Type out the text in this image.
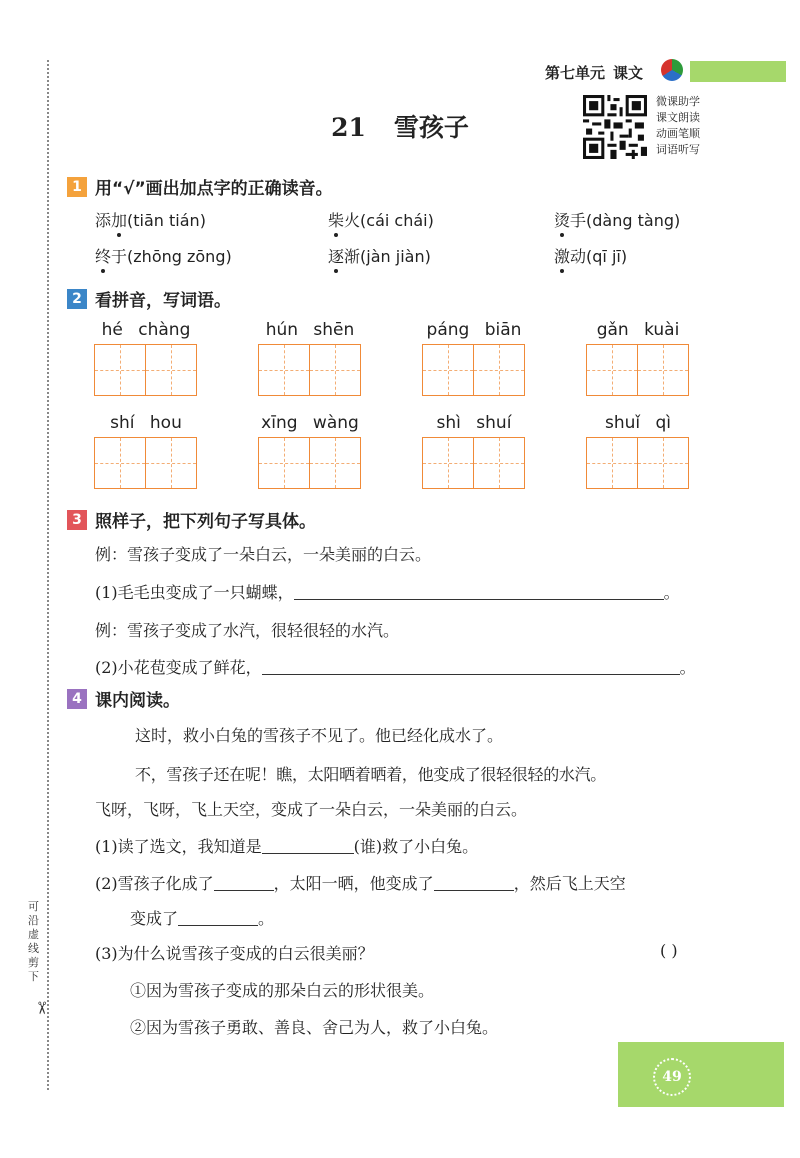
可沿虚线剪下
✂
第七单元 课文
微课助学
课文朗读
动画笔顺
词语听写
21 雪孩子
1 用“√”画出加点字的正确读音。
添加(tiān tián)	柴火(cái chái)	烫手(dàng tàng)
终于(zhōng zōng)	逐渐(jàn jiàn)	激动(qī jī)
2 看拼音，写词语。
hé chàng	hún shēn	páng biān	gǎn kuài
shí hou	xīng wàng	shì shuí	shuǐ qì
3 照样子，把下列句子写具体。
例：雪孩子变成了一朵白云，一朵美丽的白云。
(1)毛毛虫变成了一只蝴蝶，	。
例：雪孩子变成了水汽，很轻很轻的水汽。
(2)小花苞变成了鲜花，	。
4 课内阅读。
这时，救小白兔的雪孩子不见了。他已经化成水了。
不，雪孩子还在呢！瞧，太阳晒着晒着，他变成了很轻很轻的水汽。
飞呀，飞呀，飞上天空，变成了一朵白云，一朵美丽的白云。
(1)读了选文，我知道是	(谁)救了小白兔。
(2)雪孩子化成了	，太阳一晒，他变成了	，然后飞上天空
变成了	。
(3)为什么说雪孩子变成的白云很美丽？	( )
①因为雪孩子变成的那朵白云的形状很美。
②因为雪孩子勇敢、善良、舍己为人，救了小白兔。
49
